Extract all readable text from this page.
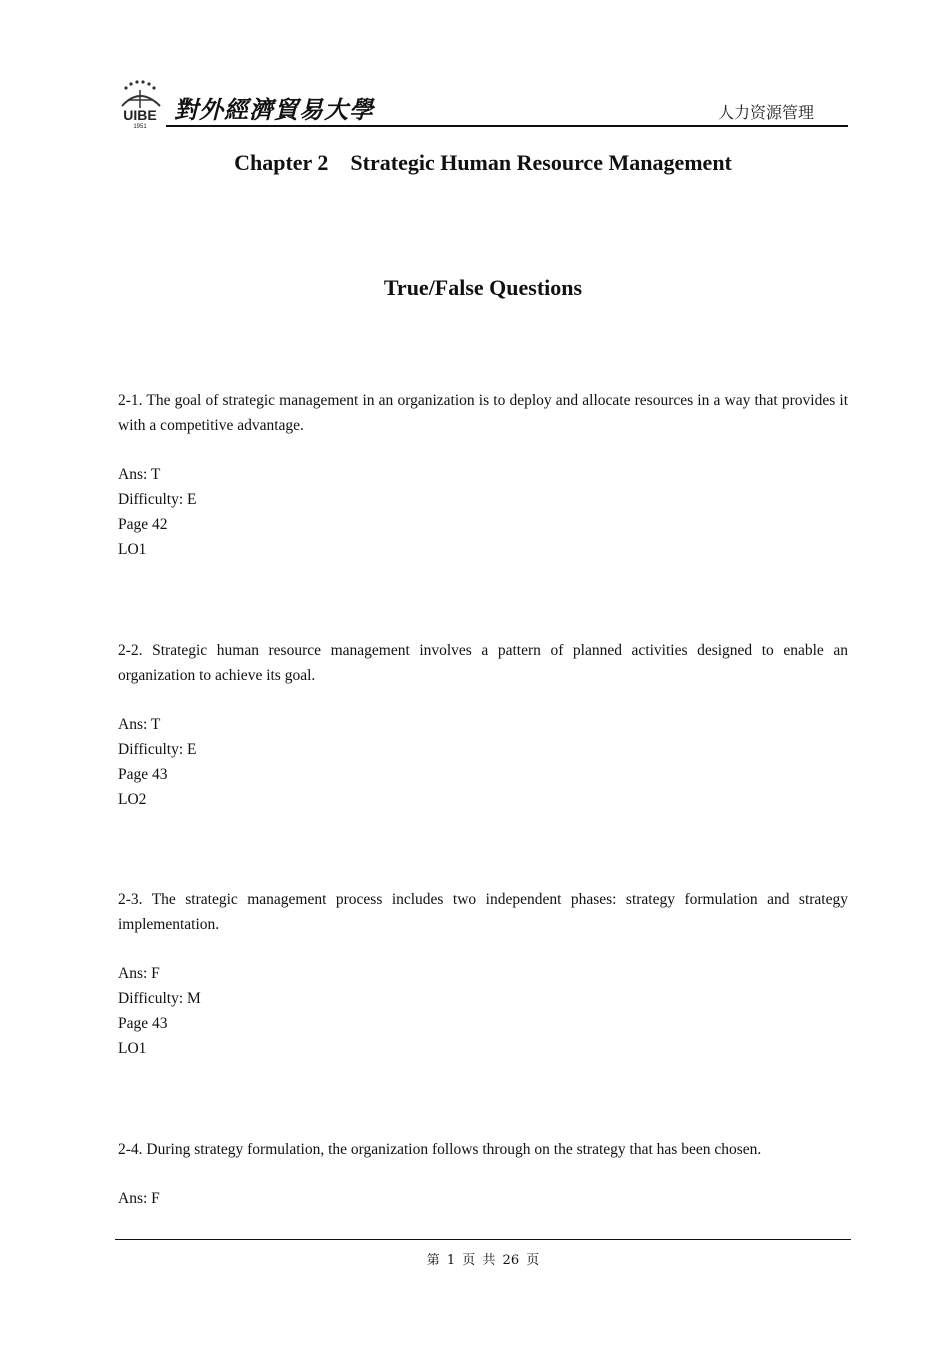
UIBE
1951
對外經濟貿易大學	人力资源管理
Chapter 2    Strategic Human Resource Management
True/False Questions

2-1. The goal of strategic management in an organization is to deploy and allocate resources in a way that provides it with a competitive advantage.

Ans: T
Difficulty: E
Page 42
LO1

2-2. Strategic human resource management involves a pattern of planned activities designed to enable an organization to achieve its goal.

Ans: T
Difficulty: E
Page 43
LO2

2-3. The strategic management process includes two independent phases: strategy formulation and strategy implementation.

Ans: F
Difficulty: M
Page 43
LO1

2-4. During strategy formulation, the organization follows through on the strategy that has been chosen.

Ans: F
第 1 页 共 26 页
